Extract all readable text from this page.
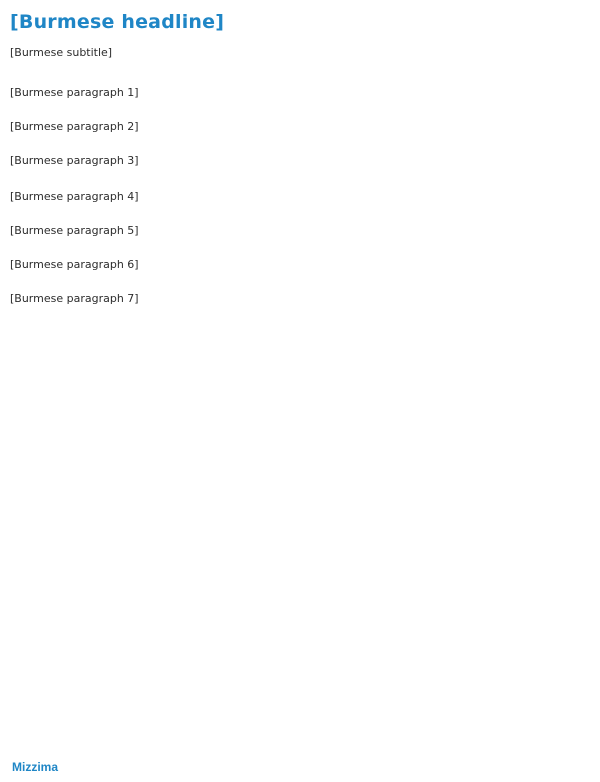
[Burmese headline]

[Burmese subtitle]

[Burmese paragraph 1]

[Burmese paragraph 2]

[Burmese paragraph 3]

[Burmese paragraph 4]

[Burmese paragraph 5]

[Burmese paragraph 6]

[Burmese paragraph 7]

Mizzima
